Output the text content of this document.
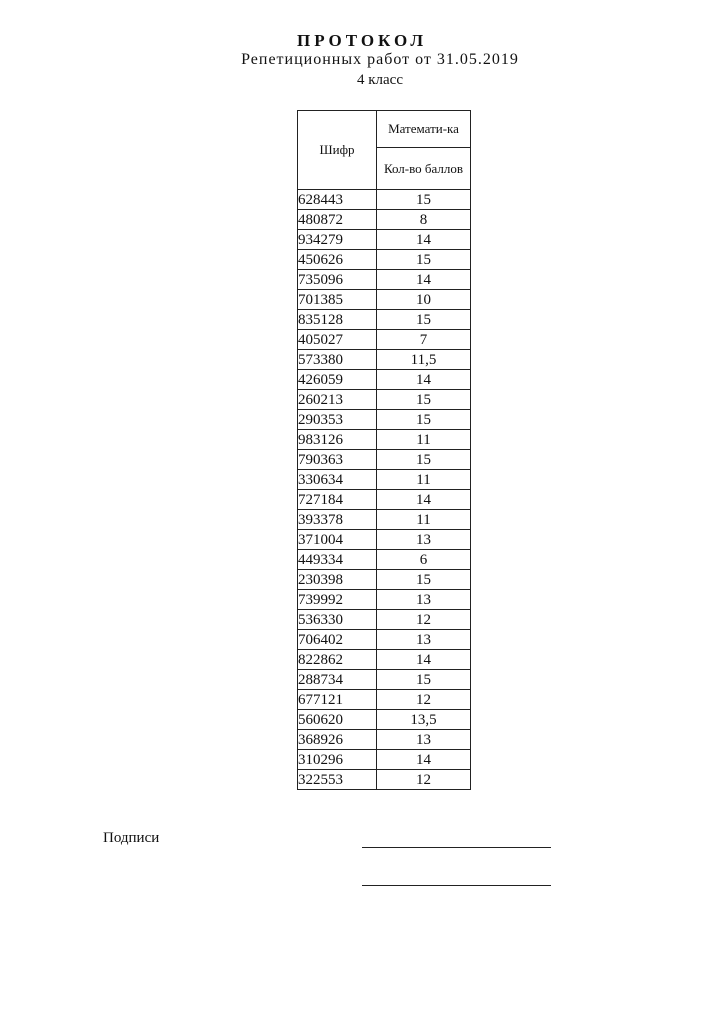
ПРОТОКОЛ
Репетиционных работ от 31.05.2019
4 класс
Шифр	Математи-ка
	Кол-во баллов
628443	15
480872	8
934279	14
450626	15
735096	14
701385	10
835128	15
405027	7
573380	11,5
426059	14
260213	15
290353	15
983126	11
790363	15
330634	11
727184	14
393378	11
371004	13
449334	6
230398	15
739992	13
536330	12
706402	13
822862	14
288734	15
677121	12
560620	13,5
368926	13
310296	14
322553	12
Подписи
